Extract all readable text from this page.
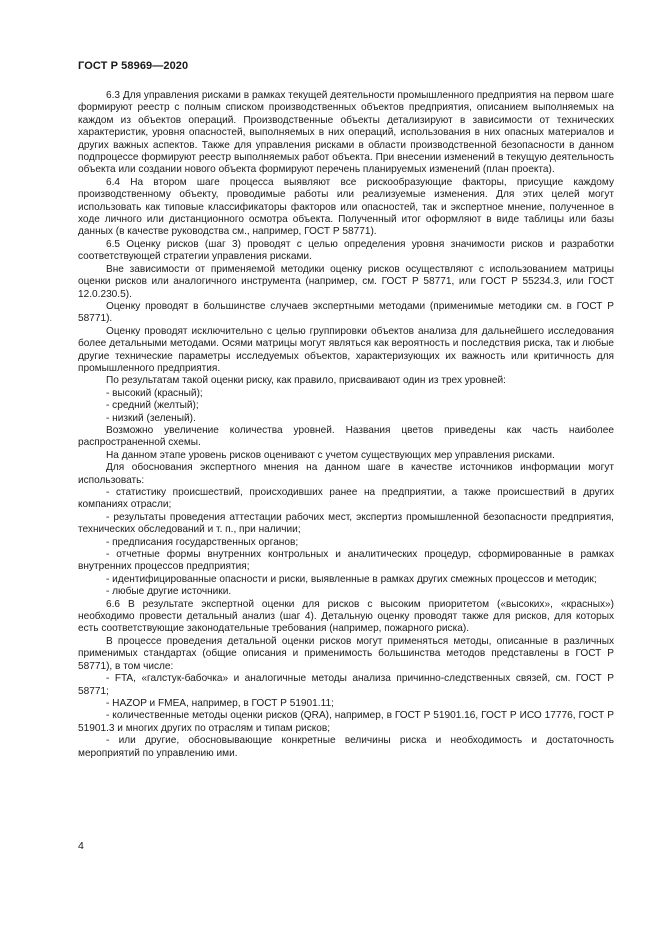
ГОСТ Р 58969—2020

6.3 Для управления рисками в рамках текущей деятельности промышленного предприятия на первом шаге формируют реестр с полным списком производственных объектов предприятия, описанием выполняемых на каждом из объектов операций. Производственные объекты детализируют в зависимости от технических характеристик, уровня опасностей, выполняемых в них операций, использования в них опасных материалов и других важных аспектов. Также для управления рисками в области производственной безопасности в данном подпроцессе формируют реестр выполняемых работ объекта. При внесении изменений в текущую деятельность объекта или создании нового объекта формируют перечень планируемых изменений (план проекта).

6.4 На втором шаге процесса выявляют все рискообразующие факторы, присущие каждому производственному объекту, проводимые работы или реализуемые изменения. Для этих целей могут использовать как типовые классификаторы факторов или опасностей, так и экспертное мнение, полученное в ходе личного или дистанционного осмотра объекта. Полученный итог оформляют в виде таблицы или базы данных (в качестве руководства см., например, ГОСТ Р 58771).

6.5 Оценку рисков (шаг 3) проводят с целью определения уровня значимости рисков и разработки соответствующей стратегии управления рисками.

Вне зависимости от применяемой методики оценку рисков осуществляют с использованием матрицы оценки рисков или аналогичного инструмента (например, см. ГОСТ Р 58771, или ГОСТ Р 55234.3, или ГОСТ 12.0.230.5).

Оценку проводят в большинстве случаев экспертными методами (применимые методики см. в ГОСТ Р 58771).

Оценку проводят исключительно с целью группировки объектов анализа для дальнейшего исследования более детальными методами. Осями матрицы могут являться как вероятность и последствия риска, так и любые другие технические параметры исследуемых объектов, характеризующих их важность или критичность для промышленного предприятия.

По результатам такой оценки риску, как правило, присваивают один из трех уровней:

- высокий (красный);

- средний (желтый);

- низкий (зеленый).

Возможно увеличение количества уровней. Названия цветов приведены как часть наиболее распространенной схемы.

На данном этапе уровень рисков оценивают с учетом существующих мер управления рисками.

Для обоснования экспертного мнения на данном шаге в качестве источников информации могут использовать:

- статистику происшествий, происходивших ранее на предприятии, а также происшествий в других компаниях отрасли;

- результаты проведения аттестации рабочих мест, экспертиз промышленной безопасности предприятия, технических обследований и т. п., при наличии;

- предписания государственных органов;

- отчетные формы внутренних контрольных и аналитических процедур, сформированные в рамках внутренних процессов предприятия;

- идентифицированные опасности и риски, выявленные в рамках других смежных процессов и методик;

- любые другие источники.

6.6 В результате экспертной оценки для рисков с высоким приоритетом («высоких», «красных») необходимо провести детальный анализ (шаг 4). Детальную оценку проводят также для рисков, для которых есть соответствующие законодательные требования (например, пожарного риска).

В процессе проведения детальной оценки рисков могут применяться методы, описанные в различных применимых стандартах (общие описания и применимость большинства методов представлены в ГОСТ Р 58771), в том числе:

- FTA, «галстук-бабочка» и аналогичные методы анализа причинно-следственных связей, см. ГОСТ Р 58771;

- HAZOP и FMEA, например, в ГОСТ Р 51901.11;

- количественные методы оценки рисков (QRA), например, в ГОСТ Р 51901.16, ГОСТ Р ИСО 17776, ГОСТ Р 51901.3 и многих других по отраслям и типам рисков;

- или другие, обосновывающие конкретные величины риска и необходимость и достаточность мероприятий по управлению ими.

4
